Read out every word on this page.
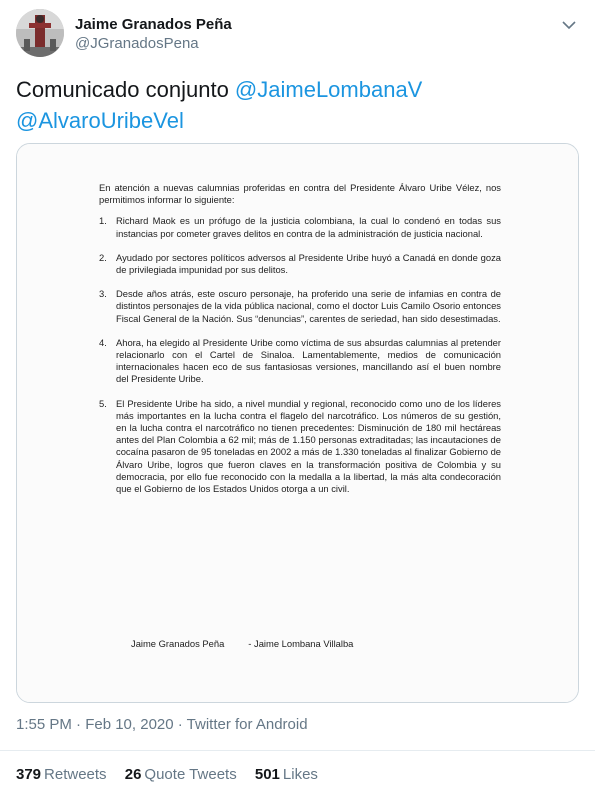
Jaime Granados Peña
@JGranadosPena
Comunicado conjunto @JaimeLombanaV
@AlvaroUribeVel
En atención a nuevas calumnias proferidas en contra del Presidente Álvaro Uribe Vélez, nos permitimos informar lo siguiente:
1. Richard Maok es un prófugo de la justicia colombiana, la cual lo condenó en todas sus instancias por cometer graves delitos en contra de la administración de justicia nacional.
2. Ayudado por sectores políticos adversos al Presidente Uribe huyó a Canadá en donde goza de privilegiada impunidad por sus delitos.
3. Desde años atrás, este oscuro personaje, ha proferido una serie de infamias en contra de distintos personajes de la vida pública nacional, como el doctor Luis Camilo Osorio entonces Fiscal General de la Nación. Sus “denuncias”, carentes de seriedad, han sido desestimadas.
4. Ahora, ha elegido al Presidente Uribe como víctima de sus absurdas calumnias al pretender relacionarlo con el Cartel de Sinaloa. Lamentablemente, medios de comunicación internacionales hacen eco de sus fantasiosas versiones, mancillando así el buen nombre del Presidente Uribe.
5. El Presidente Uribe ha sido, a nivel mundial y regional, reconocido como uno de los líderes más importantes en la lucha contra el flagelo del narcotráfico. Los números de su gestión, en la lucha contra el narcotráfico no tienen precedentes: Disminución de 180 mil hectáreas antes del Plan Colombia a 62 mil; más de 1.150 personas extraditadas; las incautaciones de cocaína pasaron de 95 toneladas en 2002 a más de 1.330 toneladas al finalizar Gobierno de Álvaro Uribe, logros que fueron claves en la transformación positiva de Colombia y su democracia, por ello fue reconocido con la medalla a la libertad, la más alta condecoración que el Gobierno de los Estados Unidos otorga a un civil.
Jaime Granados Peña	- Jaime Lombana Villalba
1:55 PM · Feb 10, 2020 · Twitter for Android
379 Retweets 26 Quote Tweets 501 Likes
